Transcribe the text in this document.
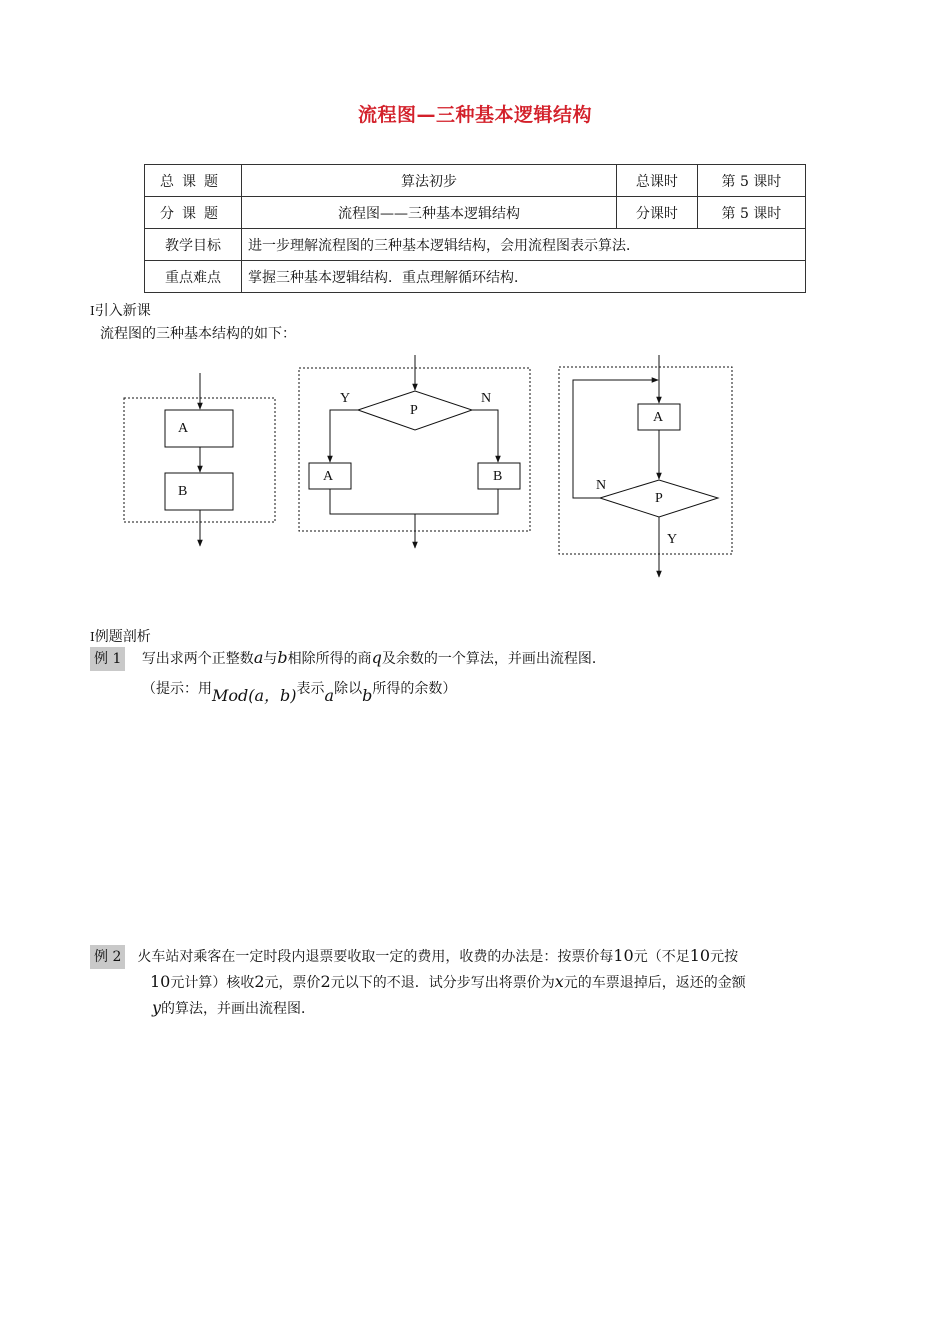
流程图—三种基本逻辑结构
总课题	算法初步	总课时	第 5 课时
分课题	流程图——三种基本逻辑结构	分课时	第 5 课时
教学目标	进一步理解流程图的三种基本逻辑结构，会用流程图表示算法．		
重点难点	掌握三种基本逻辑结构．重点理解循环结构．		
I引入新课
流程图的三种基本结构的如下：
A
B
P
Y	N
A	B
A
P
N
Y
I例题剖析
例 1 写出求两个正整数a与b相除所得的商q及余数的一个算法，并画出流程图．
（提示：用Mod(a，b)表示a除以b所得的余数）
例 2 火车站对乘客在一定时段内退票要收取一定的费用，收费的办法是：按票价每10元（不足10元按
10元计算）核收2元，票价2元以下的不退．试分步写出将票价为x元的车票退掉后，返还的金额
y的算法，并画出流程图．
